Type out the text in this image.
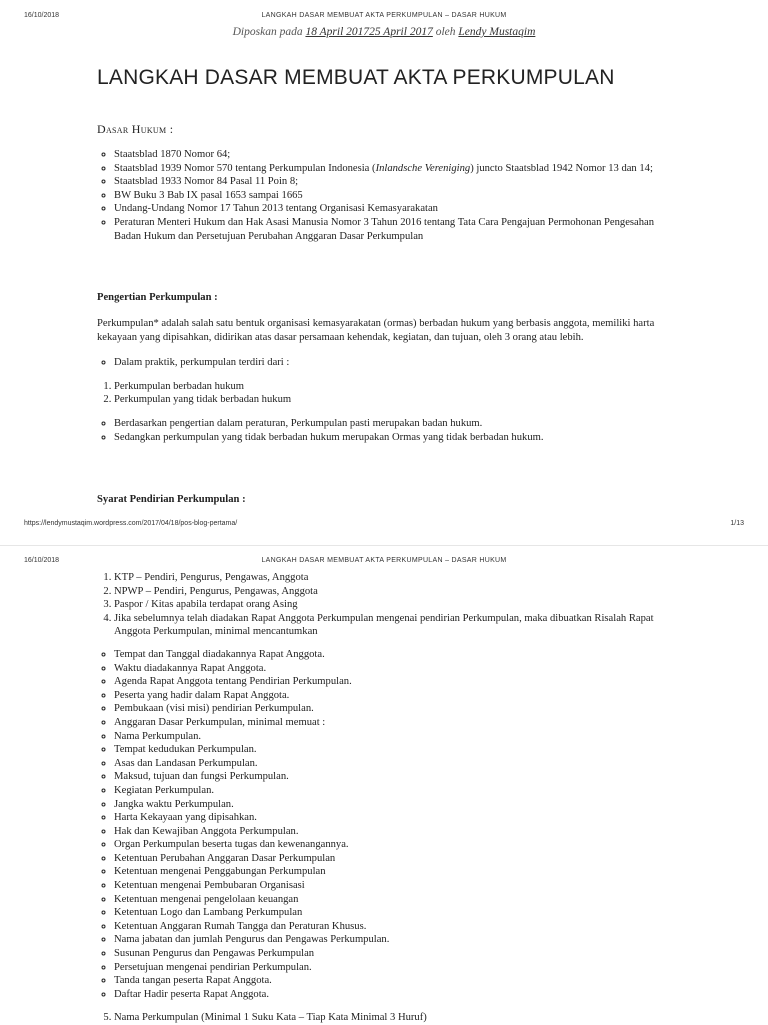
16/10/2018	LANGKAH DASAR MEMBUAT AKTA PERKUMPULAN – DASAR HUKUM
Diposkan pada 18 April 201725 April 2017 oleh Lendy Mustaqim
LANGKAH DASAR MEMBUAT AKTA PERKUMPULAN
Dasar Hukum :
◦ Staatsblad 1870 Nomor 64;
◦ Staatsblad 1939 Nomor 570 tentang Perkumpulan Indonesia (Inlandsche Vereniging) juncto Staatsblad 1942 Nomor 13 dan 14;
◦ Staatsblad 1933 Nomor 84 Pasal 11 Poin 8;
◦ BW Buku 3 Bab IX pasal 1653 sampai 1665
◦ Undang-Undang Nomor 17 Tahun 2013 tentang Organisasi Kemasyarakatan
◦ Peraturan Menteri Hukum dan Hak Asasi Manusia Nomor 3 Tahun 2016 tentang Tata Cara Pengajuan Permohonan Pengesahan Badan Hukum dan Persetujuan Perubahan Anggaran Dasar Perkumpulan
Pengertian Perkumpulan :

Perkumpulan* adalah salah satu bentuk organisasi kemasyarakatan (ormas) berbadan hukum yang berbasis anggota, memiliki harta kekayaan yang dipisahkan, didirikan atas dasar persamaan kehendak, kegiatan, dan tujuan, oleh 3 orang atau lebih.

◦ Dalam praktik, perkumpulan terdiri dari :
1. Perkumpulan berbadan hukum
2. Perkumpulan yang tidak berbadan hukum
◦ Berdasarkan pengertian dalam peraturan, Perkumpulan pasti merupakan badan hukum.
◦ Sedangkan perkumpulan yang tidak berbadan hukum merupakan Ormas yang tidak berbadan hukum.
Syarat Pendirian Perkumpulan :
https://lendymustaqim.wordpress.com/2017/04/18/pos-blog-pertama/	1/13
16/10/2018	LANGKAH DASAR MEMBUAT AKTA PERKUMPULAN – DASAR HUKUM
1. KTP – Pendiri, Pengurus, Pengawas, Anggota
2. NPWP – Pendiri, Pengurus, Pengawas, Anggota
3. Paspor / Kitas apabila terdapat orang Asing
4. Jika sebelumnya telah diadakan Rapat Anggota Perkumpulan mengenai pendirian Perkumpulan, maka dibuatkan Risalah Rapat Anggota Perkumpulan, minimal mencantumkan
◦ Tempat dan Tanggal diadakannya Rapat Anggota.
◦ Waktu diadakannya Rapat Anggota.
◦ Agenda Rapat Anggota tentang Pendirian Perkumpulan.
◦ Peserta yang hadir dalam Rapat Anggota.
◦ Pembukaan (visi misi) pendirian Perkumpulan.
◦ Anggaran Dasar Perkumpulan, minimal memuat :
◦ Nama Perkumpulan.
◦ Tempat kedudukan Perkumpulan.
◦ Asas dan Landasan Perkumpulan.
◦ Maksud, tujuan dan fungsi Perkumpulan.
◦ Kegiatan Perkumpulan.
◦ Jangka waktu Perkumpulan.
◦ Harta Kekayaan yang dipisahkan.
◦ Hak dan Kewajiban Anggota Perkumpulan.
◦ Organ Perkumpulan beserta tugas dan kewenangannya.
◦ Ketentuan Perubahan Anggaran Dasar Perkumpulan
◦ Ketentuan mengenai Penggabungan Perkumpulan
◦ Ketentuan mengenai Pembubaran Organisasi
◦ Ketentuan mengenai pengelolaan keuangan
◦ Ketentuan Logo dan Lambang Perkumpulan
◦ Ketentuan Anggaran Rumah Tangga dan Peraturan Khusus.
◦ Nama jabatan dan jumlah Pengurus dan Pengawas Perkumpulan.
◦ Susunan Pengurus dan Pengawas Perkumpulan
◦ Persetujuan mengenai pendirian Perkumpulan.
◦ Tanda tangan peserta Rapat Anggota.
◦ Daftar Hadir peserta Rapat Anggota.
5. Nama Perkumpulan (Minimal 1 Suku Kata – Tiap Kata Minimal 3 Huruf)
